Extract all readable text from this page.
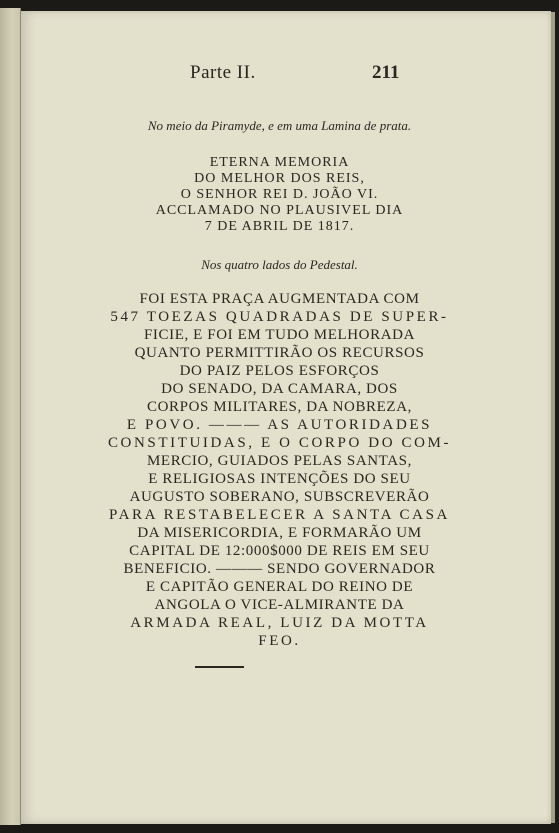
Parte II.	211
No meio da Piramyde, e em uma Lamina de prata.
ETERNA MEMORIA
DO MELHOR DOS REIS,
O SENHOR REI D. JOÃO VI.
ACCLAMADO NO PLAUSIVEL DIA
7 DE ABRIL DE 1817.
Nos quatro lados do Pedestal.
FOI ESTA PRAÇA AUGMENTADA COM
547 TOEZAS QUADRADAS DE SUPER-
FICIE, E FOI EM TUDO MELHORADA
QUANTO PERMITTIRÃO OS RECURSOS
DO PAIZ PELOS ESFORÇOS
DO SENADO, DA CAMARA, DOS
CORPOS MILITARES, DA NOBREZA,
E POVO. ——— AS AUTORIDADES
CONSTITUIDAS, E O CORPO DO COM-
MERCIO, GUIADOS PELAS SANTAS,
E RELIGIOSAS INTENÇÕES DO SEU
AUGUSTO SOBERANO, SUBSCREVERÃO
PARA RESTABELECER A SANTA CASA
DA MISERICORDIA, E FORMARÃO UM
CAPITAL DE 12:000$000 DE REIS EM SEU
BENEFICIO. ——— SENDO GOVERNADOR
E CAPITÃO GENERAL DO REINO DE
ANGOLA O VICE-ALMIRANTE DA
ARMADA REAL, LUIZ DA MOTTA
FEO.
